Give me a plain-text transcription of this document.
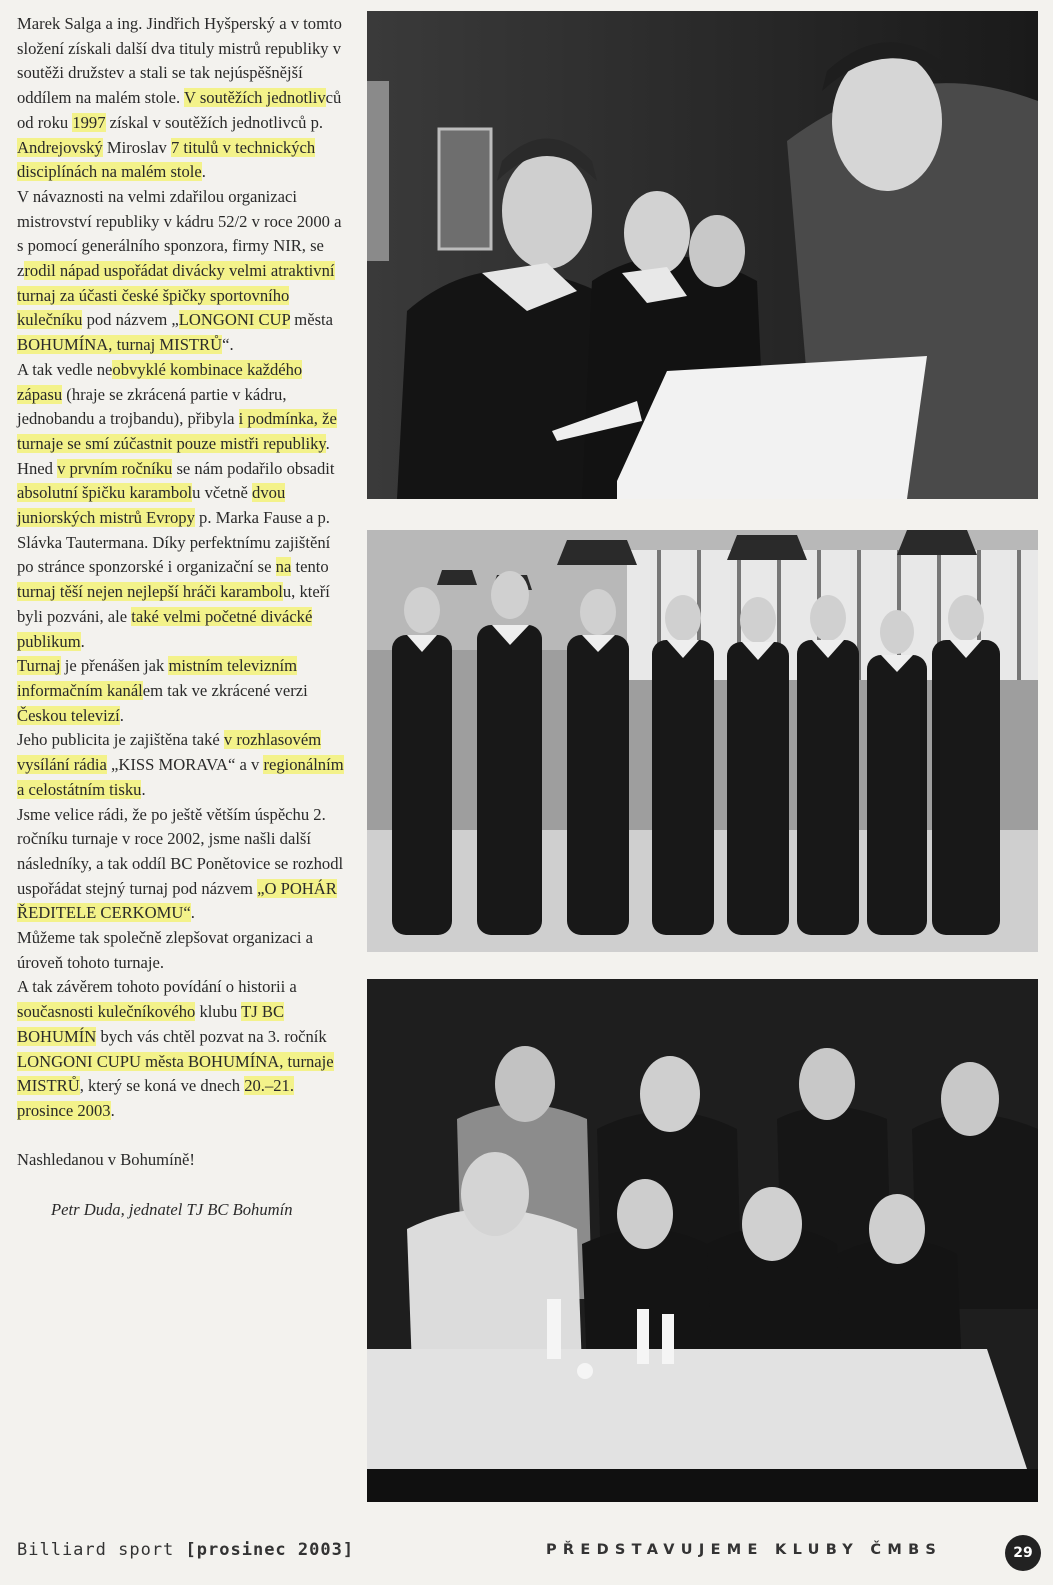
Marek Salga a ing. Jindřich Hyšperský a v tomto složení získali další dva tituly mistrů republiky v soutěži družstev a stali se tak nejúspěšnější oddílem na malém stole. V soutěžích jednotlivců od roku 1997 získal v soutěžích jednotlivců p. Andrejovský Miroslav 7 titulů v technických disciplínách na malém stole.

V návaznosti na velmi zdařilou organizaci mistrovství republiky v kádru 52/2 v roce 2000 a s pomocí generálního sponzora, firmy NIR, se zrodil nápad uspořádat divácky velmi atraktivní turnaj za účasti české špičky sportovního kulečníku pod názvem „LONGONI CUP města BOHUMÍNA, turnaj MISTRŮ“.

A tak vedle neobvyklé kombinace každého zápasu (hraje se zkrácená partie v kádru, jednobandu a trojbandu), přibyla i podmínka, že turnaje se smí zúčastnit pouze mistři republiky.

Hned v prvním ročníku se nám podařilo obsadit absolutní špičku karambolu včetně dvou juniorských mistrů Evropy p. Marka Fause a p. Slávka Tautermana. Díky perfektnímu zajištění po stránce sponzorské i organizační se na tento turnaj těší nejen nejlepší hráči karambolu, kteří byli pozváni, ale také velmi početné divácké publikum.

Turnaj je přenášen jak mistním televizním informačním kanálem tak ve zkrácené verzi Českou televizí.

Jeho publicita je zajištěna také v rozhlasovém vysílání rádia „KISS MORAVA“ a v regionálním a celostátním tisku.

Jsme velice rádi, že po ještě větším úspěchu 2. ročníku turnaje v roce 2002, jsme našli další následníky, a tak oddíl BC Ponětovice se rozhodl uspořádat stejný turnaj pod názvem „O POHÁR ŘEDITELE CERKOMU“.

Můžeme tak společně zlepšovat organizaci a úroveň tohoto turnaje.

A tak závěrem tohoto povídání o historii a současnosti kulečníkového klubu TJ BC BOHUMÍN bych vás chtěl pozvat na 3. ročník LONGONI CUPU města BOHUMÍNA, turnaje MISTRŮ, který se koná ve dnech 20.–21. prosince 2003.

Nashledanou v Bohumíně!

Petr Duda, jednatel TJ BC Bohumín

Billiard sport [prosinec 2003]	PŘEDSTAVUJEME KLUBY ČMBS	29
